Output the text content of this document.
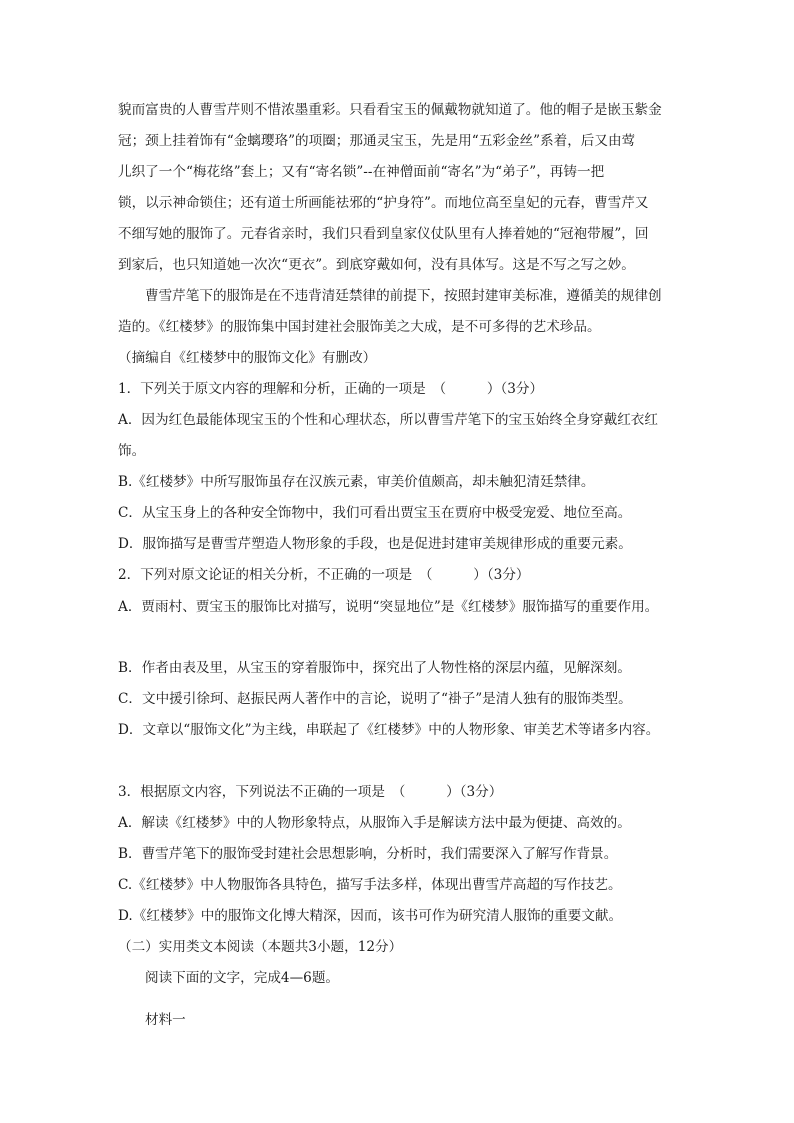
貌而富贵的人曹雪芹则不惜浓墨重彩。只看看宝玉的佩戴物就知道了。他的帽子是嵌玉紫金
冠；颈上挂着饰有“金螭璎珞”的项圈；那通灵宝玉，先是用“五彩金丝”系着，后又由莺
儿织了一个“梅花络”套上；又有“寄名锁”--在神僧面前“寄名”为“弟子”，再铸一把
锁，以示神命锁住；还有道士所画能祛邪的“护身符”。而地位高至皇妃的元春，曹雪芹又
不细写她的服饰了。元春省亲时，我们只看到皇家仪仗队里有人捧着她的“冠袍带履”，回
到家后，也只知道她一次次“更衣”。到底穿戴如何，没有具体写。这是不写之写之妙。
曹雪芹笔下的服饰是在不违背清廷禁律的前提下，按照封建审美标准，遵循美的规律创
造的。《红楼梦》的服饰集中国封建社会服饰美之大成，是不可多得的艺术珍品。
（摘编自《红楼梦中的服饰文化》有删改）
1．下列关于原文内容的理解和分析，正确的一项是　（　　　）（3分）
A．因为红色最能体现宝玉的个性和心理状态，所以曹雪芹笔下的宝玉始终全身穿戴红衣红
饰。
B.《红楼梦》中所写服饰虽存在汉族元素，审美价值颇高，却未触犯清廷禁律。
C．从宝玉身上的各种安全饰物中，我们可看出贾宝玉在贾府中极受宠爱、地位至高。
D．服饰描写是曹雪芹塑造人物形象的手段，也是促进封建审美规律形成的重要元素。
2．下列对原文论证的相关分析，不正确的一项是　（　　　）（3分）
A．贾雨村、贾宝玉的服饰比对描写，说明“突显地位”是《红楼梦》服饰描写的重要作用。
B．作者由表及里，从宝玉的穿着服饰中，探究出了人物性格的深层内蕴，见解深刻。
C．文中援引徐珂、赵振民两人著作中的言论，说明了“褂子”是清人独有的服饰类型。
D．文章以“服饰文化”为主线，串联起了《红楼梦》中的人物形象、审美艺术等诸多内容。
3．根据原文内容，下列说法不正确的一项是　（　　　）（3分）
A．解读《红楼梦》中的人物形象特点，从服饰入手是解读方法中最为便捷、高效的。
B．曹雪芹笔下的服饰受封建社会思想影响，分析时，我们需要深入了解写作背景。
C.《红楼梦》中人物服饰各具特色，描写手法多样，体现出曹雪芹高超的写作技艺。
D.《红楼梦》中的服饰文化博大精深，因而，该书可作为研究清人服饰的重要文献。
（二）实用类文本阅读（本题共3小题，12分）
阅读下面的文字，完成4—6题。
材料一
